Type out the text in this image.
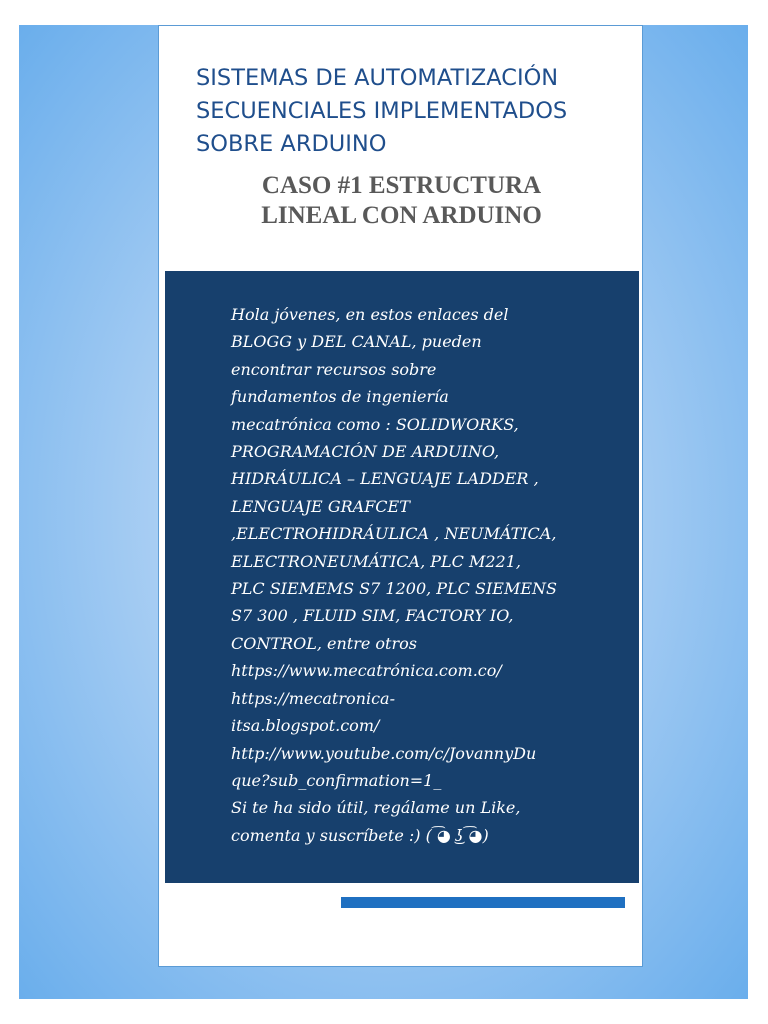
SISTEMAS DE AUTOMATIZACIÓN
SECUENCIALES IMPLEMENTADOS
SOBRE ARDUINO
CASO #1 ESTRUCTURA
LINEAL CON ARDUINO
Hola jóvenes, en estos enlaces del
BLOGG y DEL CANAL, pueden
encontrar recursos sobre
fundamentos de ingeniería
mecatrónica como : SOLIDWORKS,
PROGRAMACIÓN DE ARDUINO,
HIDRÁULICA – LENGUAJE LADDER ,
LENGUAJE GRAFCET
,ELECTROHIDRÁULICA , NEUMÁTICA,
ELECTRONEUMÁTICA, PLC M221,
PLC SIEMEMS S7 1200, PLC SIEMENS
S7 300 , FLUID SIM, FACTORY IO,
CONTROL, entre otros
https://www.mecatrónica.com.co/
https://mecatronica-
itsa.blogspot.com/
http://www.youtube.com/c/JovannyDu
que?sub_confirmation=1_
Si te ha sido útil, regálame un Like,
comenta y suscríbete :) ( ͡◕ ͜ʖ ͡◕)
